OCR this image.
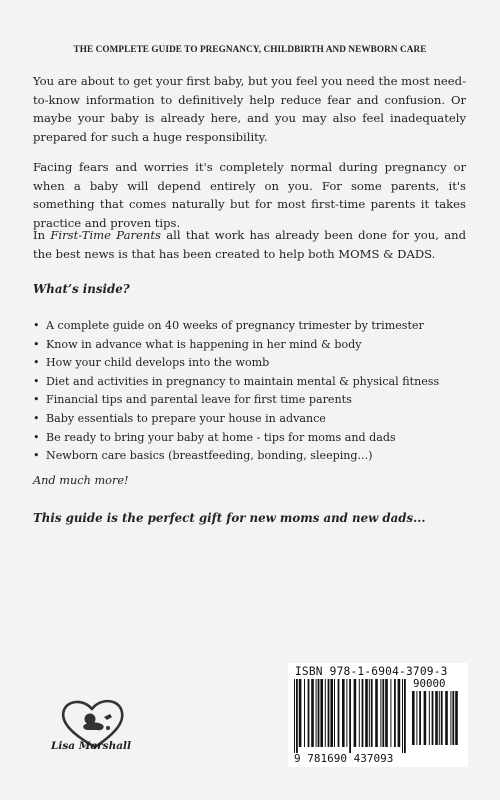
THE COMPLETE GUIDE TO PREGNANCY, CHILDBIRTH AND NEWBORN CARE

You are about to get your first baby, but you feel you need the most need-to-know information to definitively help reduce fear and confusion. Or maybe your baby is already here, and you may also feel inadequately prepared for such a huge responsibility.

Facing fears and worries it's completely normal during pregnancy or when a baby will depend entirely on you. For some parents, it's something that comes naturally but for most first-time parents it takes practice and proven tips.

In First-Time Parents all that work has already been done for you, and the best news is that has been created to help both MOMS & DADS.

What’s inside?
• A complete guide on 40 weeks of pregnancy trimester by trimester
• Know in advance what is happening in her mind & body
• How your child develops into the womb
• Diet and activities in pregnancy to maintain mental & physical fitness
• Financial tips and parental leave for first time parents
• Baby essentials to prepare your house in advance
• Be ready to bring your baby at home - tips for moms and dads
• Newborn care basics (breastfeeding, bonding, sleeping...)
And much more!
This guide is the perfect gift for new moms and new dads...
Lisa Marshall
ISBN 978-1-6904-3709-3
90000
9 781690 437093
